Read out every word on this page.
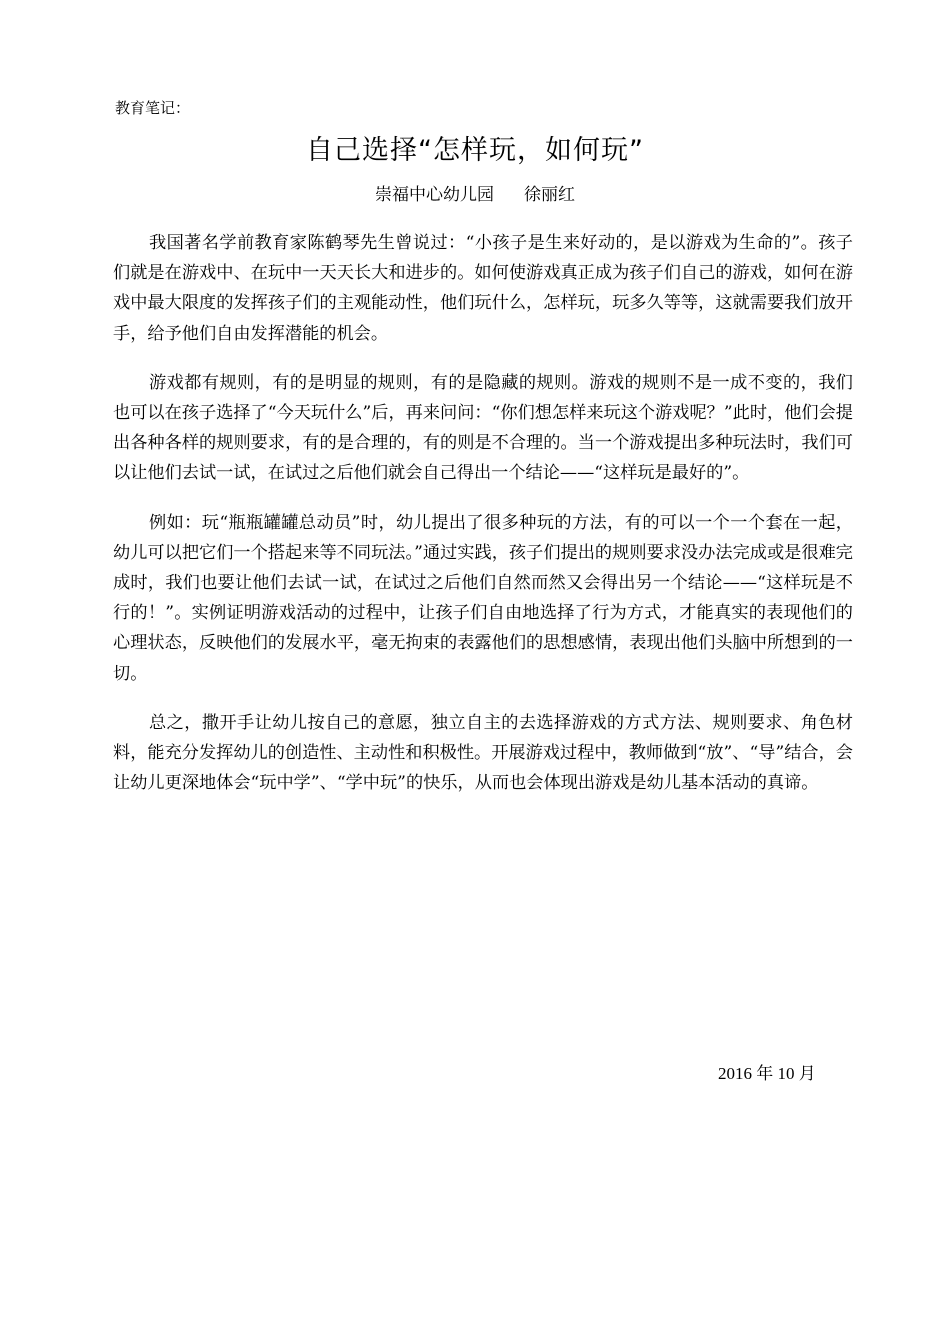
教育笔记：
自己选择“怎样玩，如何玩”
崇福中心幼儿园 徐丽红

我国著名学前教育家陈鹤琴先生曾说过：“小孩子是生来好动的，是以游戏为生命的”。孩子们就是在游戏中、在玩中一天天长大和进步的。如何使游戏真正成为孩子们自己的游戏，如何在游戏中最大限度的发挥孩子们的主观能动性，他们玩什么，怎样玩，玩多久等等，这就需要我们放开手，给予他们自由发挥潜能的机会。

游戏都有规则，有的是明显的规则，有的是隐藏的规则。游戏的规则不是一成不变的，我们也可以在孩子选择了“今天玩什么”后，再来问问：“你们想怎样来玩这个游戏呢？”此时，他们会提出各种各样的规则要求，有的是合理的，有的则是不合理的。当一个游戏提出多种玩法时，我们可以让他们去试一试，在试过之后他们就会自己得出一个结论——“这样玩是最好的”。

例如：玩“瓶瓶罐罐总动员”时，幼儿提出了很多种玩的方法，有的可以一个一个套在一起，幼儿可以把它们一个搭起来等不同玩法。”通过实践，孩子们提出的规则要求没办法完成或是很难完成时，我们也要让他们去试一试，在试过之后他们自然而然又会得出另一个结论——“这样玩是不行的！”。实例证明游戏活动的过程中，让孩子们自由地选择了行为方式，才能真实的表现他们的心理状态，反映他们的发展水平，毫无拘束的表露他们的思想感情，表现出他们头脑中所想到的一切。

总之，撒开手让幼儿按自己的意愿，独立自主的去选择游戏的方式方法、规则要求、角色材料，能充分发挥幼儿的创造性、主动性和积极性。开展游戏过程中，教师做到“放”、“导”结合，会让幼儿更深地体会“玩中学”、“学中玩”的快乐，从而也会体现出游戏是幼儿基本活动的真谛。

2016 年 10 月
